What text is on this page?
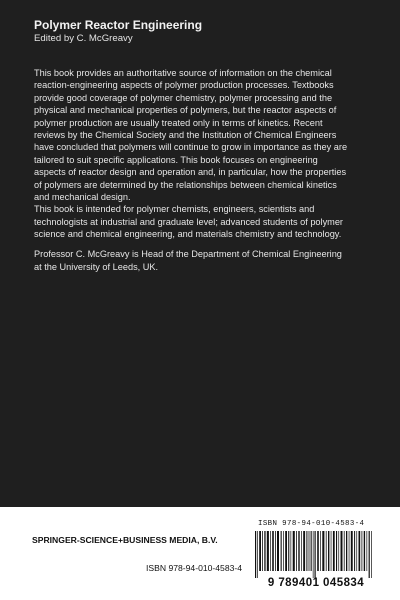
Polymer Reactor Engineering
Edited by C. McGreavy
This book provides an authoritative source of information on the chemical
reaction-engineering aspects of polymer production processes. Textbooks
provide good coverage of polymer chemistry, polymer processing and the
physical and mechanical properties of polymers, but the reactor aspects of
polymer production are usually treated only in terms of kinetics. Recent
reviews by the Chemical Society and the Institution of Chemical Engineers
have concluded that polymers will continue to grow in importance as they are
tailored to suit specific applications. This book focuses on engineering
aspects of reactor design and operation and, in particular, how the properties
of polymers are determined by the relationships between chemical kinetics
and mechanical design.
This book is intended for polymer chemists, engineers, scientists and
technologists at industrial and graduate level; advanced students of polymer
science and chemical engineering, and materials chemistry and technology.
Professor C. McGreavy is Head of the Department of Chemical Engineering
at the University of Leeds, UK.
SPRINGER-SCIENCE+BUSINESS MEDIA, B.V.
ISBN 978-94-010-4583-4
ISBN 978-94-010-4583-4
9 789401 045834
